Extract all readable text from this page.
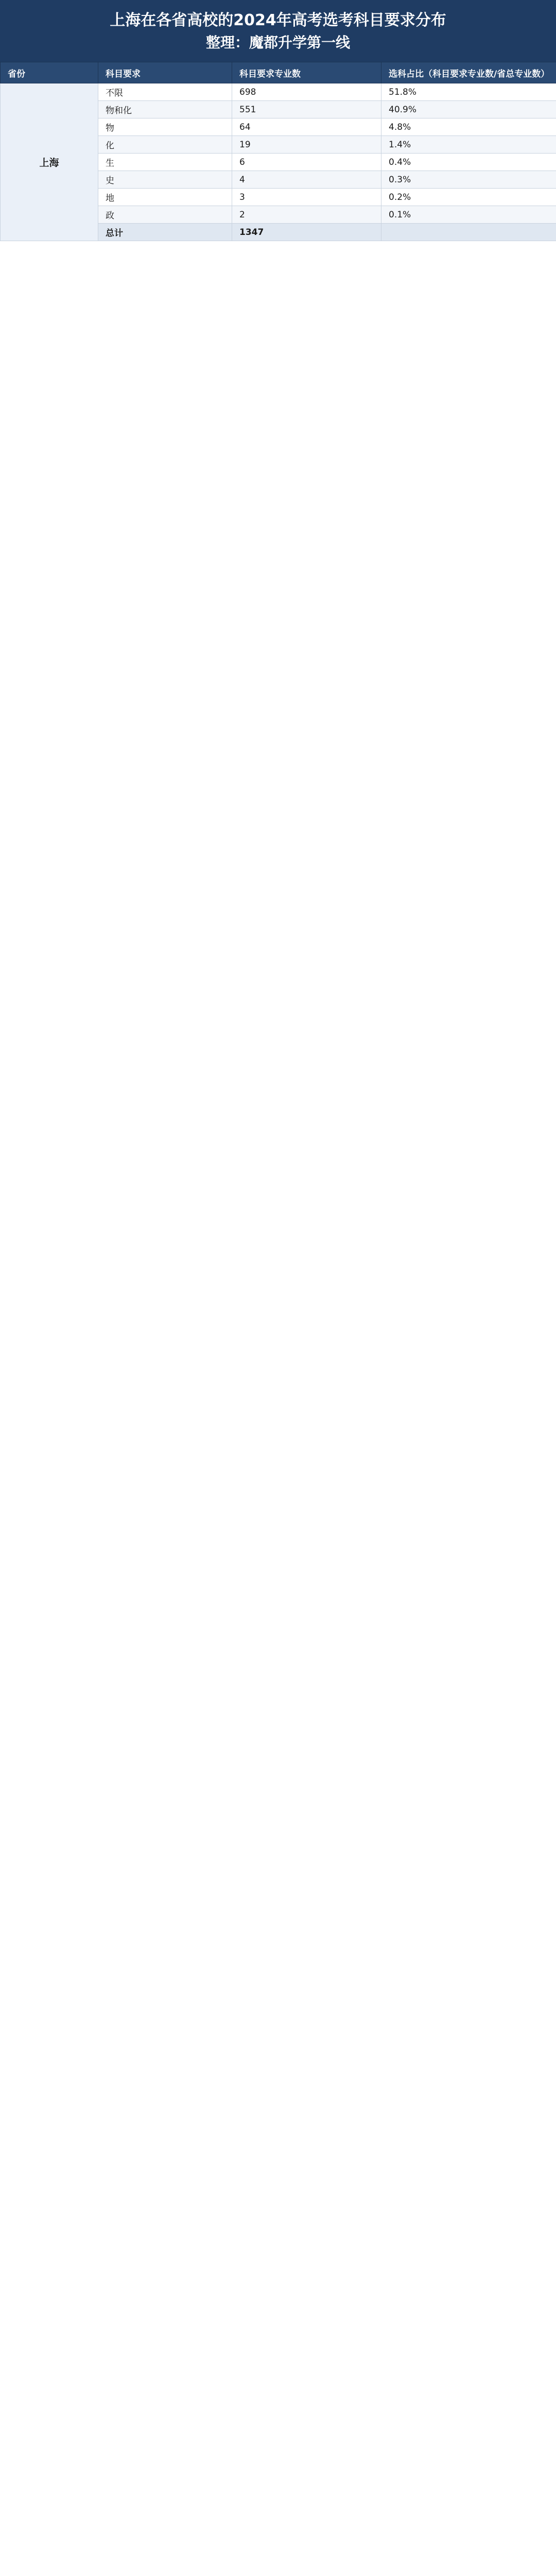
上海在各省高校的2024年高考选考科目要求分布
整理：魔都升学第一线
省份	科目要求	科目要求专业数	选科占比（科目要求专业数/省总专业数）
上海	不限	698	51.8%
	物和化	551	40.9%
	物	64	4.8%
	化	19	1.4%
	生	6	0.4%
	史	4	0.3%
	地	3	0.2%
	政	2	0.1%
	总计	1347	
